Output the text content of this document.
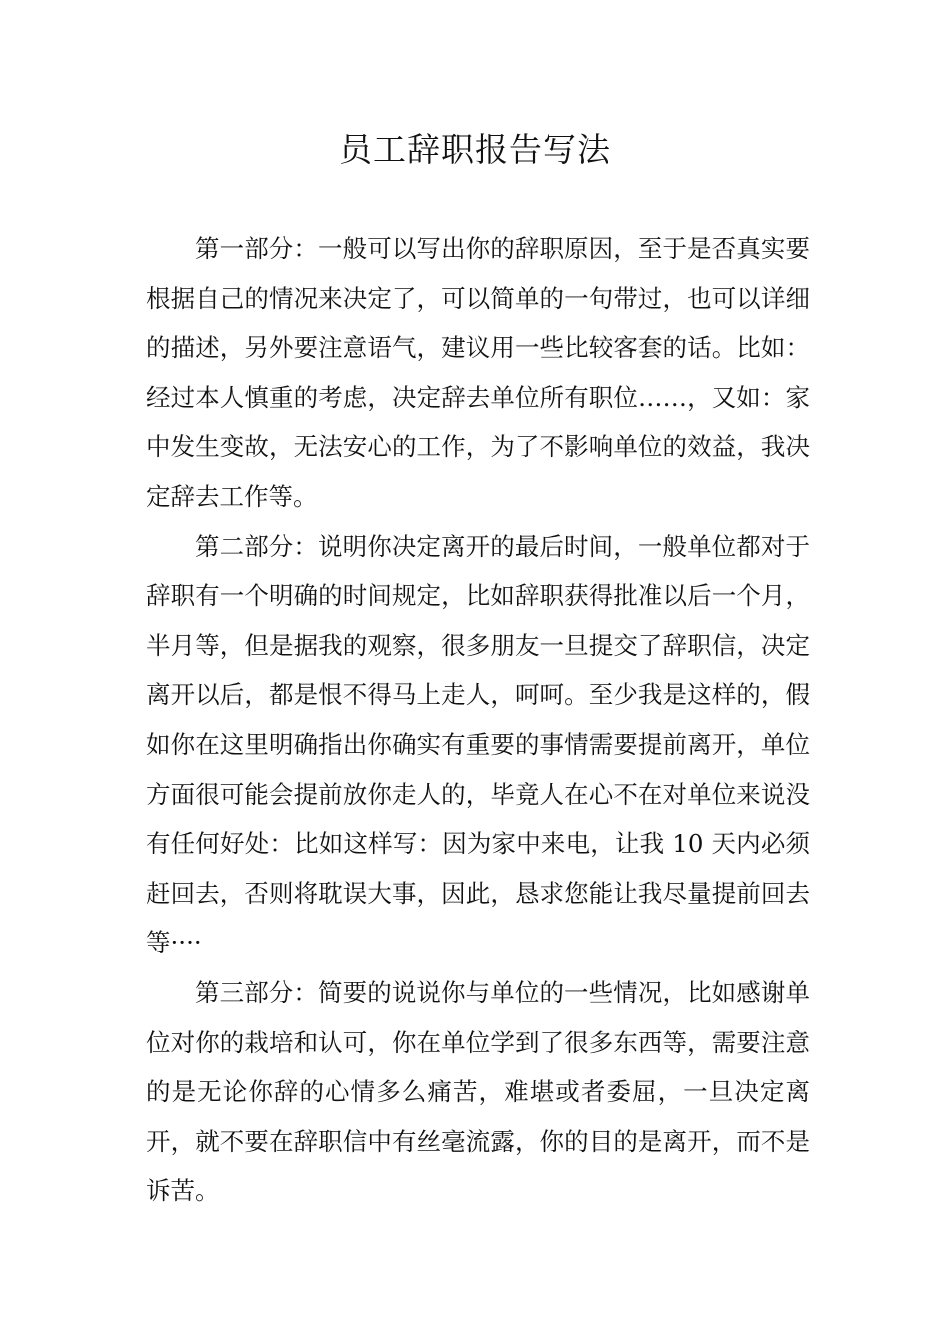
员工辞职报告写法

第一部分：一般可以写出你的辞职原因，至于是否真实要根据自己的情况来决定了，可以简单的一句带过，也可以详细的描述，另外要注意语气，建议用一些比较客套的话。比如：经过本人慎重的考虑，决定辞去单位所有职位……，又如：家中发生变故，无法安心的工作，为了不影响单位的效益，我决定辞去工作等。

第二部分：说明你决定离开的最后时间，一般单位都对于辞职有一个明确的时间规定，比如辞职获得批准以后一个月，半月等，但是据我的观察，很多朋友一旦提交了辞职信，决定离开以后，都是恨不得马上走人，呵呵。至少我是这样的，假如你在这里明确指出你确实有重要的事情需要提前离开，单位方面很可能会提前放你走人的，毕竟人在心不在对单位来说没有任何好处：比如这样写：因为家中来电，让我 10 天内必须赶回去，否则将耽误大事，因此，恳求您能让我尽量提前回去等····

第三部分：简要的说说你与单位的一些情况，比如感谢单位对你的栽培和认可，你在单位学到了很多东西等，需要注意的是无论你辞的心情多么痛苦，难堪或者委屈，一旦决定离开，就不要在辞职信中有丝毫流露，你的目的是离开，而不是诉苦。
